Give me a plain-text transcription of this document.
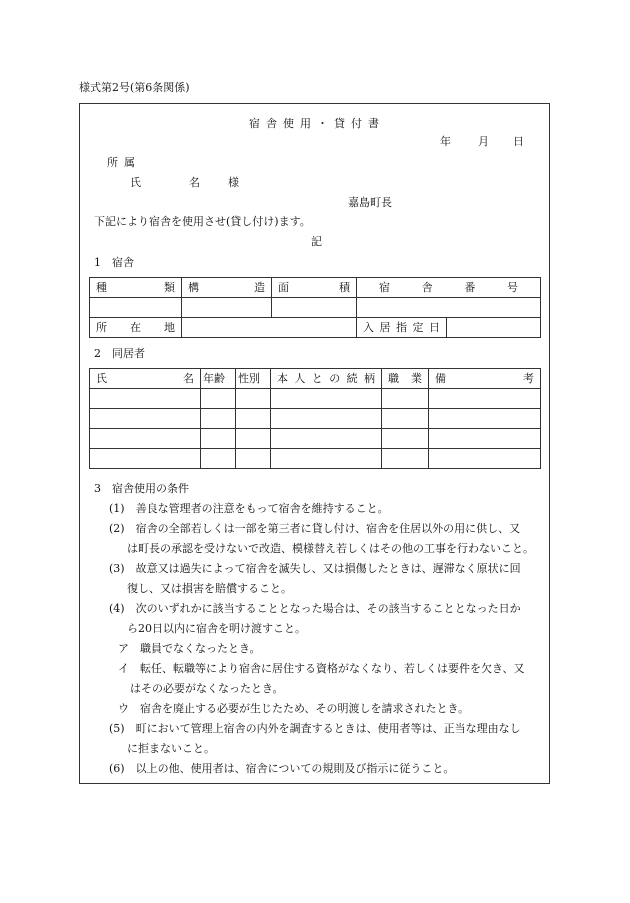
様式第2号(第6条関係)
宿舎使用・貸付書
年 月 日
所属
氏	名	様
嘉島町長
下記により宿舎を使用させ(貸し付け)ます。
記
1　宿舎
種類	構造	面積	宿舎番号	

所在地			入居指定日	

2　同居者
氏名	年齢	性別	本人との続柄	職業	備考

3　宿舎使用の条件
(1)　善良な管理者の注意をもって宿舎を維持すること。
(2)　宿舎の全部若しくは一部を第三者に貸し付け、宿舎を住居以外の用に供し、又
は町長の承認を受けないで改造、模様替え若しくはその他の工事を行わないこと。
(3)　故意又は過失によって宿舎を滅失し、又は損傷したときは、遅滞なく原状に回
復し、又は損害を賠償すること。
(4)　次のいずれかに該当することとなった場合は、その該当することとなった日か
ら20日以内に宿舎を明け渡すこと。
ア　職員でなくなったとき。
イ　転任、転職等により宿舎に居住する資格がなくなり、若しくは要件を欠き、又
はその必要がなくなったとき。
ウ　宿舎を廃止する必要が生じたため、その明渡しを請求されたとき。
(5)　町において管理上宿舎の内外を調査するときは、使用者等は、正当な理由なし
に拒まないこと。
(6)　以上の他、使用者は、宿舎についての規則及び指示に従うこと。
